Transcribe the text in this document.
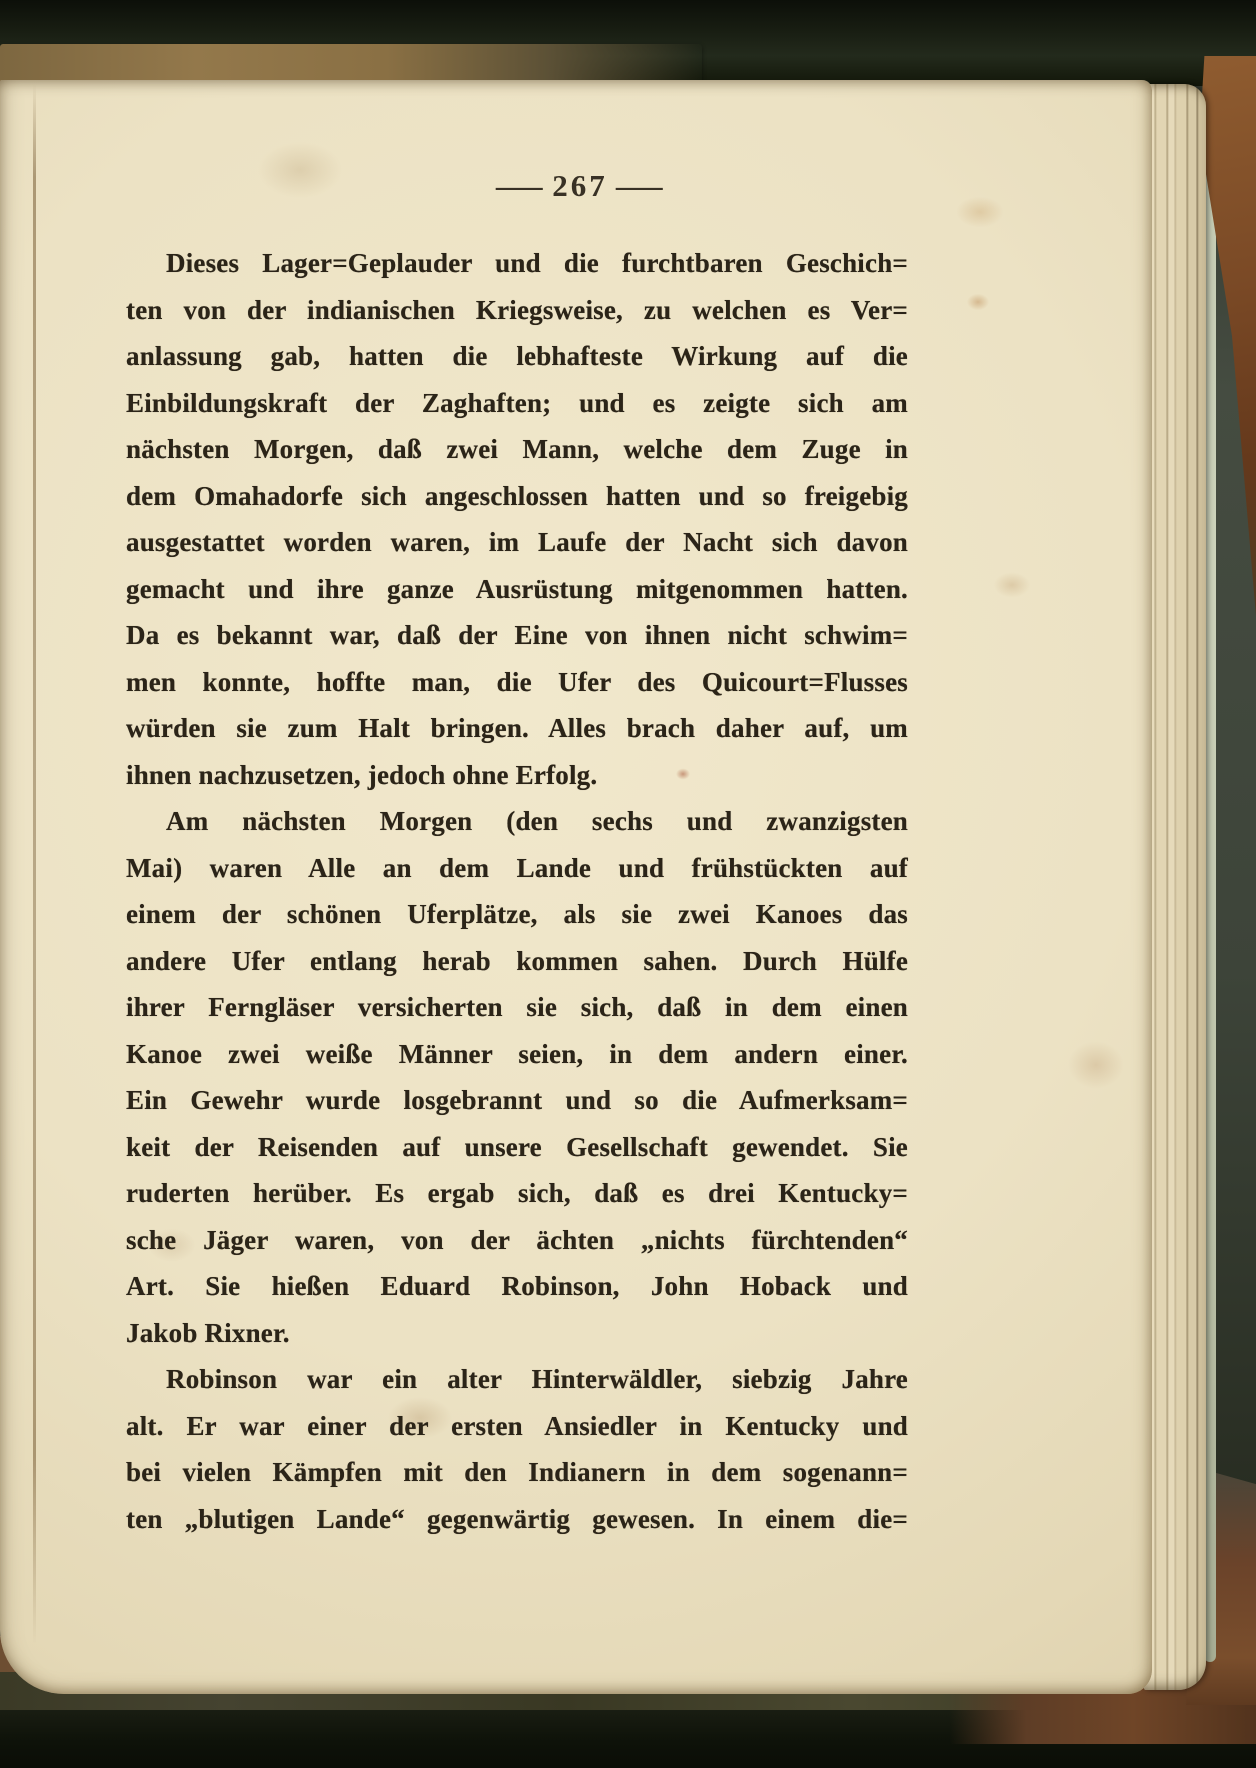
— 267 —
Dieses Lager=Geplauder und die furchtbaren Geschich=
ten von der indianischen Kriegsweise, zu welchen es Ver=
anlassung gab, hatten die lebhafteste Wirkung auf die
Einbildungskraft der Zaghaften; und es zeigte sich am
nächsten Morgen, daß zwei Mann, welche dem Zuge in
dem Omahadorfe sich angeschlossen hatten und so freigebig
ausgestattet worden waren, im Laufe der Nacht sich davon
gemacht und ihre ganze Ausrüstung mitgenommen hatten.
Da es bekannt war, daß der Eine von ihnen nicht schwim=
men konnte, hoffte man, die Ufer des Quicourt=Flusses
würden sie zum Halt bringen. Alles brach daher auf, um
ihnen nachzusetzen, jedoch ohne Erfolg.
Am nächsten Morgen (den sechs und zwanzigsten
Mai) waren Alle an dem Lande und frühstückten auf
einem der schönen Uferplätze, als sie zwei Kanoes das
andere Ufer entlang herab kommen sahen. Durch Hülfe
ihrer Ferngläser versicherten sie sich, daß in dem einen
Kanoe zwei weiße Männer seien, in dem andern einer.
Ein Gewehr wurde losgebrannt und so die Aufmerksam=
keit der Reisenden auf unsere Gesellschaft gewendet. Sie
ruderten herüber. Es ergab sich, daß es drei Kentucky=
sche Jäger waren, von der ächten „nichts fürchtenden“
Art. Sie hießen Eduard Robinson, John Hoback und
Jakob Rixner.
Robinson war ein alter Hinterwäldler, siebzig Jahre
alt. Er war einer der ersten Ansiedler in Kentucky und
bei vielen Kämpfen mit den Indianern in dem sogenann=
ten „blutigen Lande“ gegenwärtig gewesen. In einem die=
